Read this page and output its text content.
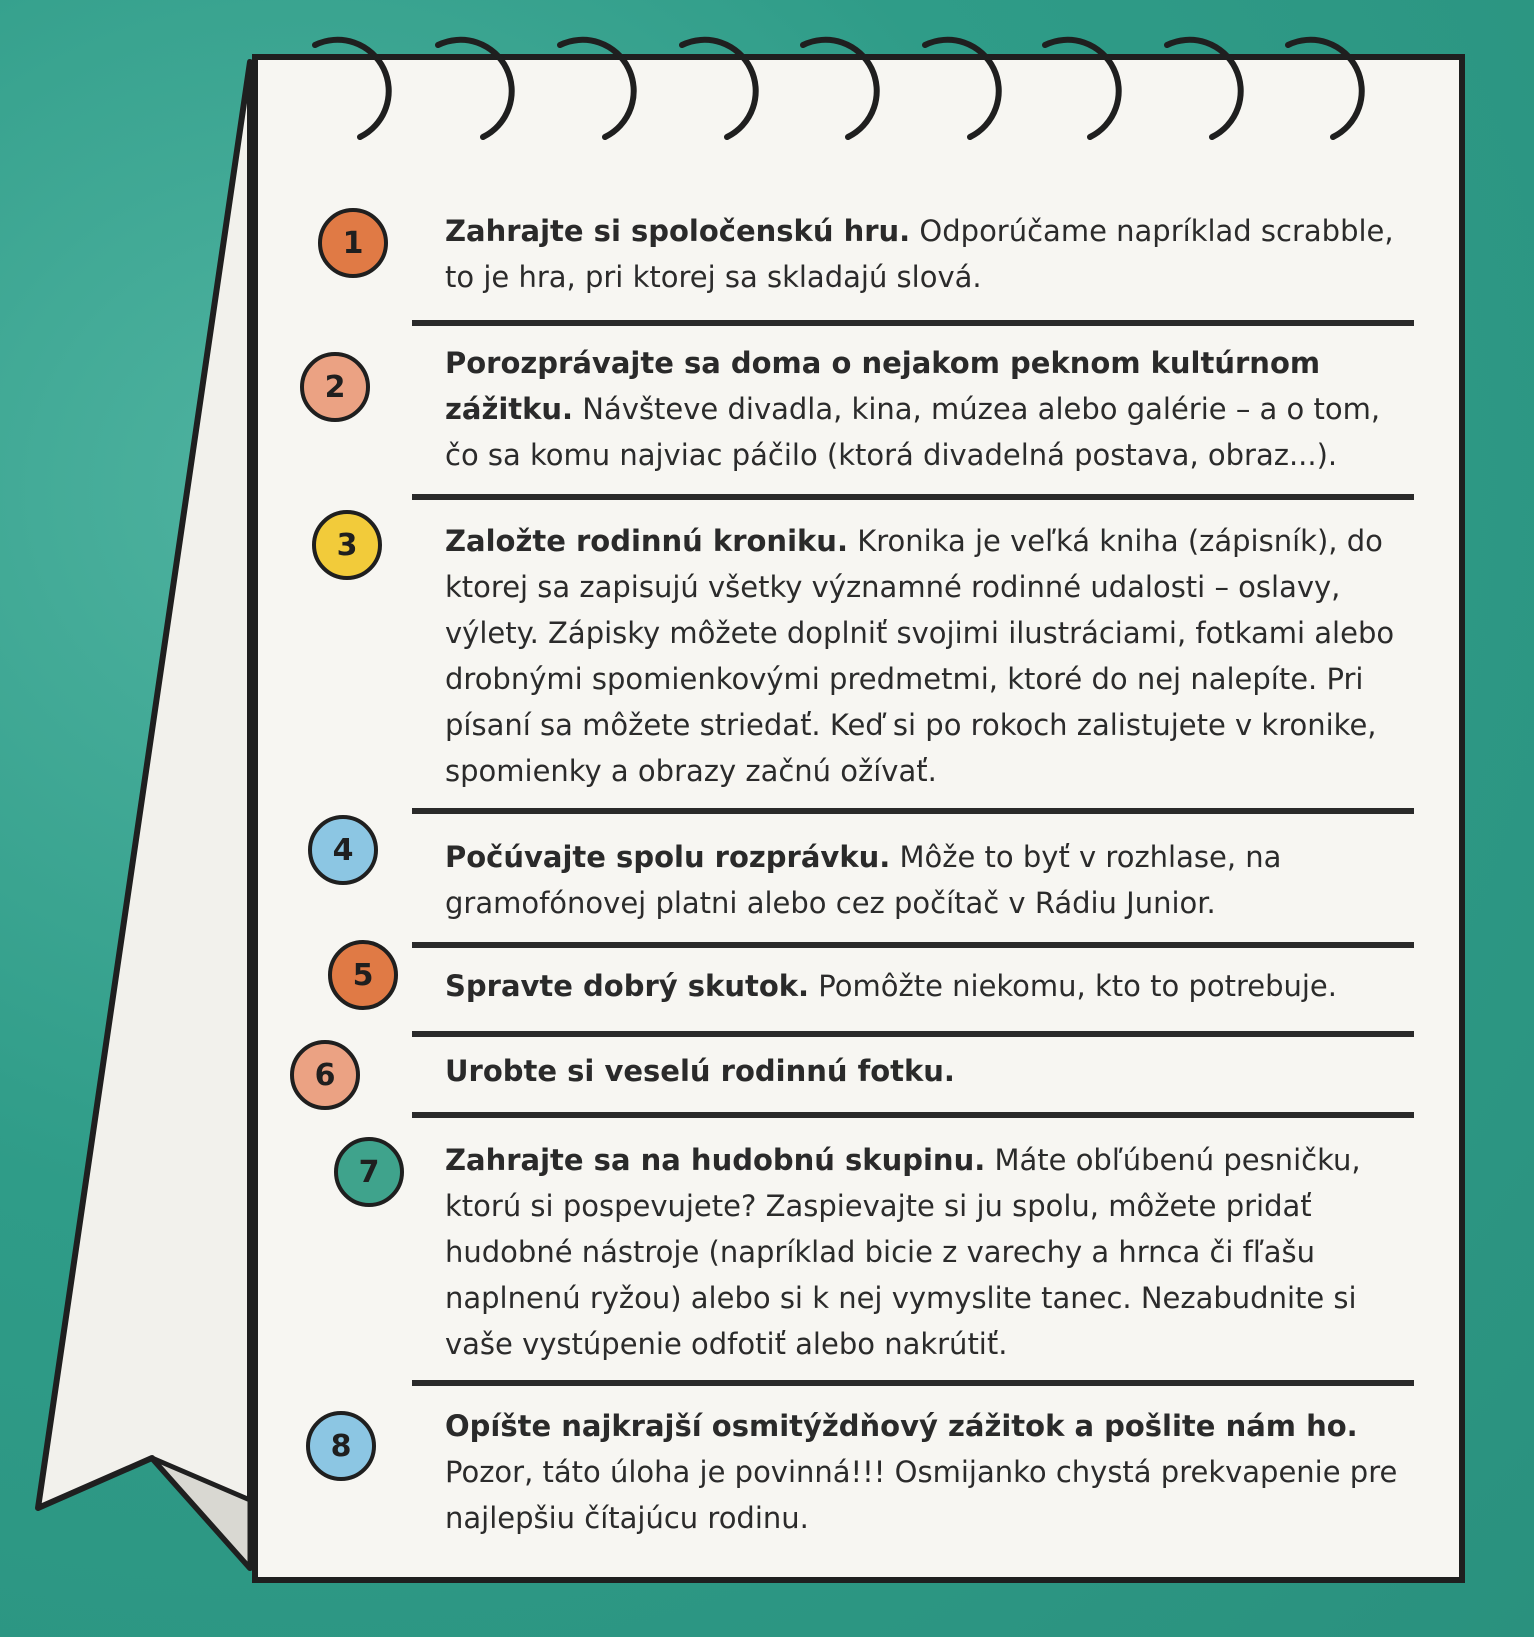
1	Zahrajte si spoločenskú hru. Odporúčame napríklad scrabble, to je hra, pri ktorej sa skladajú slová.
2
Porozprávajte sa doma o nejakom peknom kultúrnom zážitku. Návšteve divadla, kina, múzea alebo galérie – a o tom, čo sa komu najviac páčilo (ktorá divadelná postava, obraz...).
3	Založte rodinnú kroniku. Kronika je veľká kniha (zápisník), do ktorej sa zapisujú všetky významné rodinné udalosti – oslavy, výlety. Zápisky môžete doplniť svojimi ilustráciami, fotkami alebo drobnými spomienkovými predmetmi, ktoré do nej nalepíte. Pri písaní sa môžete striedať. Keď si po rokoch zalistujete v kronike, spomienky a obrazy začnú ožívať.
4	Počúvajte spolu rozprávku. Môže to byť v rozhlase, na gramofónovej platni alebo cez počítač v Rádiu Junior.
5 Spravte dobrý skutok. Pomôžte niekomu, kto to potrebuje.
6	Urobte si veselú rodinnú fotku.
7 Zahrajte sa na hudobnú skupinu. Máte obľúbenú pesničku, ktorú si pospevujete? Zaspievajte si ju spolu, môžete pridať hudobné nástroje (napríklad bicie z varechy a hrnca či fľašu naplnenú ryžou) alebo si k nej vymyslite tanec. Nezabudnite si vaše vystúpenie odfotiť alebo nakrútiť.
8
Opíšte najkrajší osmitýždňový zážitok a pošlite nám ho. Pozor, táto úloha je povinná!!! Osmijanko chystá prekvapenie pre najlepšiu čítajúcu rodinu.
